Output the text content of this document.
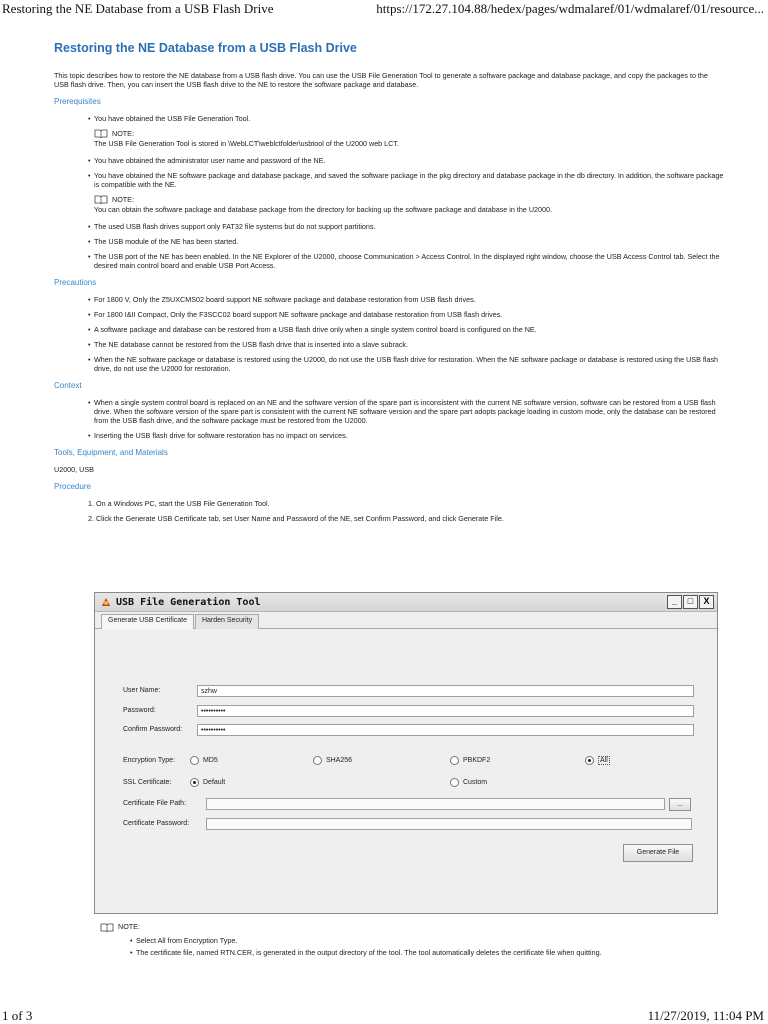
Restoring the NE Database from a USB Flash Drive	https://172.27.104.88/hedex/pages/wdmalaref/01/wdmalaref/01/resource...
Restoring the NE Database from a USB Flash Drive

This topic describes how to restore the NE database from a USB flash drive. You can use the USB File Generation Tool to generate a software package and database package, and copy the packages to the USB flash drive. Then, you can insert the USB flash drive to the NE to restore the software package and database.

Prerequisites
• You have obtained the USB File Generation Tool.
NOTE:
The USB File Generation Tool is stored in \WebLCT\weblctfolder\usbtool of the U2000 web LCT.
• You have obtained the administrator user name and password of the NE.
• You have obtained the NE software package and database package, and saved the software package in the pkg directory and database package in the db directory. In addition, the software package is compatible with the NE.
NOTE:
You can obtain the software package and database package from the directory for backing up the software package and database in the U2000.
• The used USB flash drives support only FAT32 file systems but do not support partitions.
• The USB module of the NE has been started.
• The USB port of the NE has been enabled. In the NE Explorer of the U2000, choose Communication > Access Control. In the displayed right window, choose the USB Access Control tab. Select the desired main control board and enable USB Port Access.
Precautions
• For 1800 V, Only the Z5UXCMS02 board support NE software package and database restoration from USB flash drives.
• For 1800 I&II Compact, Only the F3SCC02 board support NE software package and database restoration from USB flash drives.
• A software package and database can be restored from a USB flash drive only when a single system control board is configured on the NE.
• The NE database cannot be restored from the USB flash drive that is inserted into a slave subrack.
• When the NE software package or database is restored using the U2000, do not use the USB flash drive for restoration. When the NE software package or database is restored using the USB flash drive, do not use the U2000 for restoration.
Context
• When a single system control board is replaced on an NE and the software version of the spare part is inconsistent with the current NE software version, software can be restored from a USB flash drive. When the software version of the spare part is consistent with the current NE software version and the spare part adopts package loading in custom mode, only the database can be restored from the USB flash drive, and the software package must be restored from the U2000.
• Inserting the USB flash drive for software restoration has no impact on services.
Tools, Equipment, and Materials
U2000, USB
Procedure
1. On a Windows PC, start the USB File Generation Tool.
2. Click the Generate USB Certificate tab, set User Name and Password of the NE, set Confirm Password, and click Generate File.
USB File Generation Tool	_	□	X
Generate USB Certificate	Harden Security
User Name:	szhw
Password:	••••••••••
Confirm Password:	••••••••••
Encryption Type:	MD5	SHA256	PBKDF2	All
SSL Certificate:	Default	Custom
Certificate File Path:	...
Certificate Password:
Generate File
NOTE:
• Select All from Encryption Type.
• The certificate file, named RTN.CER, is generated in the output directory of the tool. The tool automatically deletes the certificate file when quitting.
1 of 3	11/27/2019, 11:04 PM
